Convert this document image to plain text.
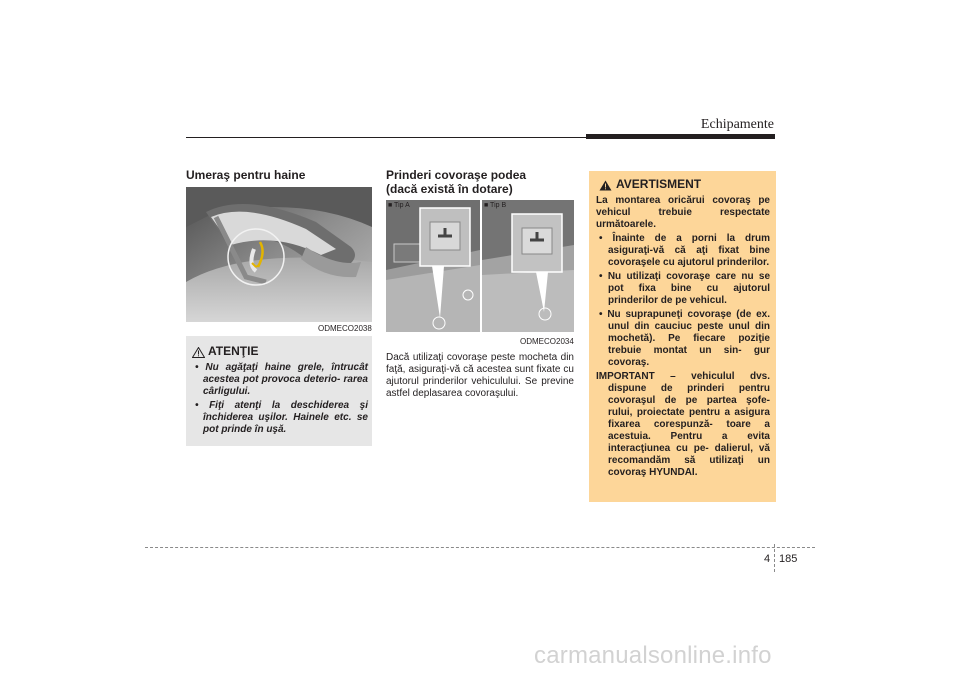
Echipamente
Umeraş pentru haine
ODMECO2038
ATENŢIE
• Nu agăţaţi haine grele, întrucât acestea pot provoca deterio- rarea cârligului.
• Fiţi atenţi la deschiderea şi închiderea uşilor. Hainele etc. se pot prinde în uşă.
Prinderi covoraşe podea
(dacă există în dotare)
■ Tip A	■ Tip B
ODMECO2034
Dacă utilizaţi covoraşe peste mocheta din faţă, asiguraţi-vă că acestea sunt fixate cu ajutorul prinderilor vehiculului. Se previne astfel deplasarea covoraşului.
AVERTISMENT

La montarea oricărui covoraş pe vehicul trebuie respectate următoarele.

• Înainte de a porni la drum asiguraţi-vă că aţi fixat bine covoraşele cu ajutorul prinderilor.
• Nu utilizaţi covoraşe care nu se pot fixa bine cu ajutorul prinderilor de pe vehicul.
• Nu suprapuneţi covoraşe (de ex. unul din cauciuc peste unul din mochetă). Pe fiecare poziţie trebuie montat un sin- gur covoraş.

IMPORTANT – vehiculul dvs. dispune de prinderi pentru covoraşul de pe partea şofe- rului, proiectate pentru a asigura fixarea corespunză- toare a acestuia. Pentru a evita interacţiunea cu pe- dalierul, vă recomandăm să utilizaţi un covoraş HYUNDAI.

4 185
carmanualsonline.info
